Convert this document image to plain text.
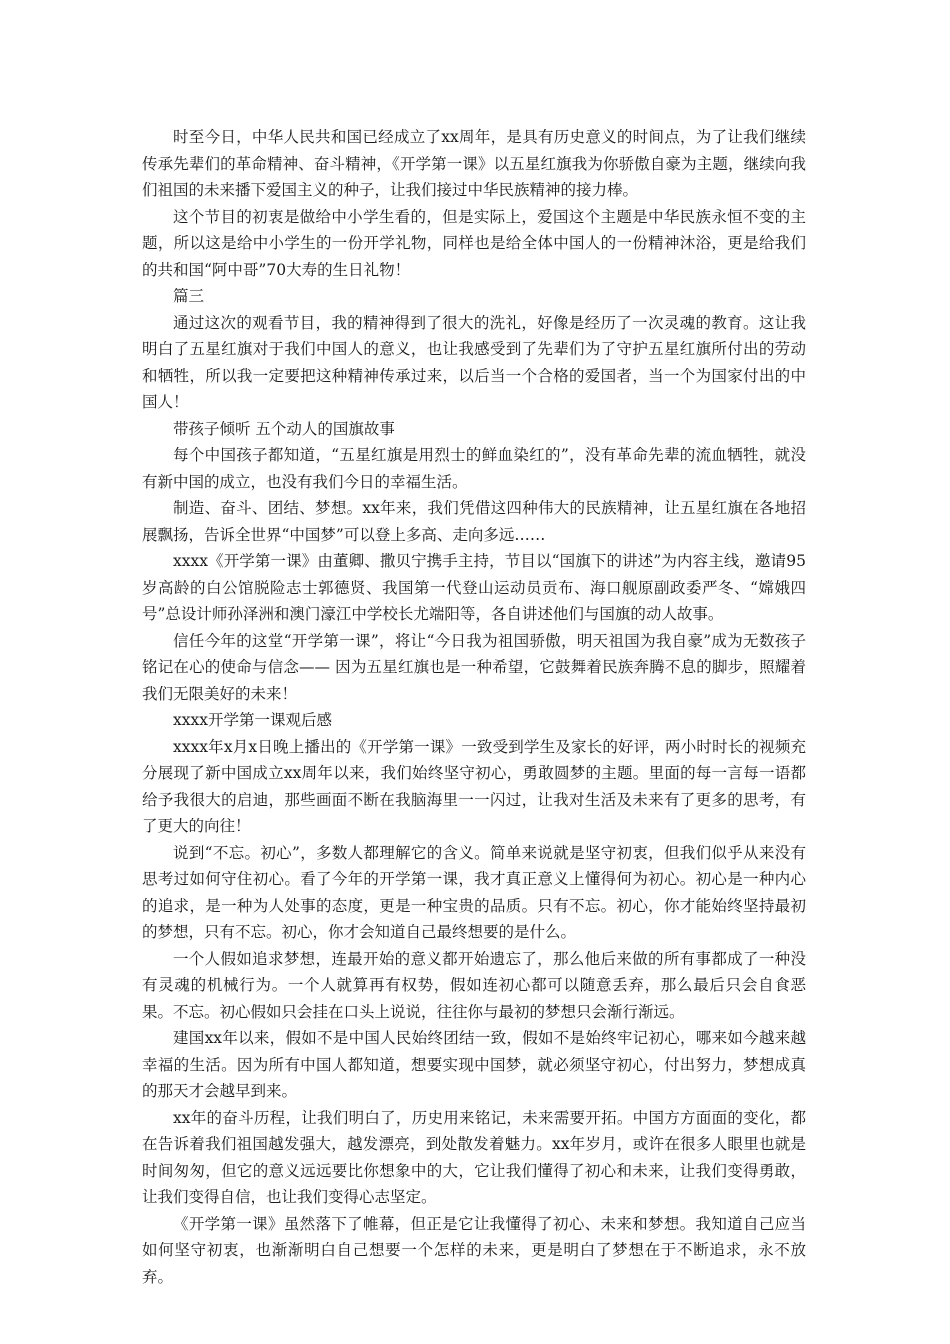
时至今日，中华人民共和国已经成立了xx周年，是具有历史意义的时间点，为了让我们继续传承先辈们的革命精神、奋斗精神，《开学第一课》以五星红旗我为你骄傲自豪为主题，继续向我们祖国的未来播下爱国主义的种子，让我们接过中华民族精神的接力棒。

这个节目的初衷是做给中小学生看的，但是实际上，爱国这个主题是中华民族永恒不变的主题，所以这是给中小学生的一份开学礼物，同样也是给全体中国人的一份精神沐浴，更是给我们的共和国“阿中哥”70大寿的生日礼物！

篇三

通过这次的观看节目，我的精神得到了很大的洗礼，好像是经历了一次灵魂的教育。这让我明白了五星红旗对于我们中国人的意义，也让我感受到了先辈们为了守护五星红旗所付出的劳动和牺牲，所以我一定要把这种精神传承过来，以后当一个合格的爱国者，当一个为国家付出的中国人！

带孩子倾听 五个动人的国旗故事

每个中国孩子都知道，“五星红旗是用烈士的鲜血染红的”，没有革命先辈的流血牺牲，就没有新中国的成立，也没有我们今日的幸福生活。

制造、奋斗、团结、梦想。xx年来，我们凭借这四种伟大的民族精神，让五星红旗在各地招展飘扬，告诉全世界“中国梦”可以登上多高、走向多远……

xxxx《开学第一课》由董卿、撒贝宁携手主持，节目以“国旗下的讲述”为内容主线，邀请95岁高龄的白公馆脱险志士郭德贤、我国第一代登山运动员贡布、海口舰原副政委严冬、“嫦娥四号”总设计师孙泽洲和澳门濠江中学校长尤端阳等，各自讲述他们与国旗的动人故事。

信任今年的这堂“开学第一课”，将让“今日我为祖国骄傲，明天祖国为我自豪”成为无数孩子铭记在心的使命与信念—— 因为五星红旗也是一种希望，它鼓舞着民族奔腾不息的脚步，照耀着我们无限美好的未来！

xxxx开学第一课观后感

xxxx年x月x日晚上播出的《开学第一课》一致受到学生及家长的好评，两小时时长的视频充分展现了新中国成立xx周年以来，我们始终坚守初心，勇敢圆梦的主题。里面的每一言每一语都给予我很大的启迪，那些画面不断在我脑海里一一闪过，让我对生活及未来有了更多的思考，有了更大的向往！

说到“不忘。初心”，多数人都理解它的含义。简单来说就是坚守初衷，但我们似乎从来没有思考过如何守住初心。看了今年的开学第一课，我才真正意义上懂得何为初心。初心是一种内心的追求，是一种为人处事的态度，更是一种宝贵的品质。只有不忘。初心，你才能始终坚持最初的梦想，只有不忘。初心，你才会知道自己最终想要的是什么。

一个人假如追求梦想，连最开始的意义都开始遗忘了，那么他后来做的所有事都成了一种没有灵魂的机械行为。一个人就算再有权势，假如连初心都可以随意丢弃，那么最后只会自食恶果。不忘。初心假如只会挂在口头上说说，往往你与最初的梦想只会渐行渐远。

建国xx年以来，假如不是中国人民始终团结一致，假如不是始终牢记初心，哪来如今越来越幸福的生活。因为所有中国人都知道，想要实现中国梦，就必须坚守初心，付出努力，梦想成真的那天才会越早到来。

xx年的奋斗历程，让我们明白了，历史用来铭记，未来需要开拓。中国方方面面的变化，都在告诉着我们祖国越发强大，越发漂亮，到处散发着魅力。xx年岁月，或许在很多人眼里也就是时间匆匆，但它的意义远远要比你想象中的大，它让我们懂得了初心和未来，让我们变得勇敢，让我们变得自信，也让我们变得心志坚定。

《开学第一课》虽然落下了帷幕，但正是它让我懂得了初心、未来和梦想。我知道自己应当如何坚守初衷，也渐渐明白自己想要一个怎样的未来，更是明白了梦想在于不断追求，永不放弃。
